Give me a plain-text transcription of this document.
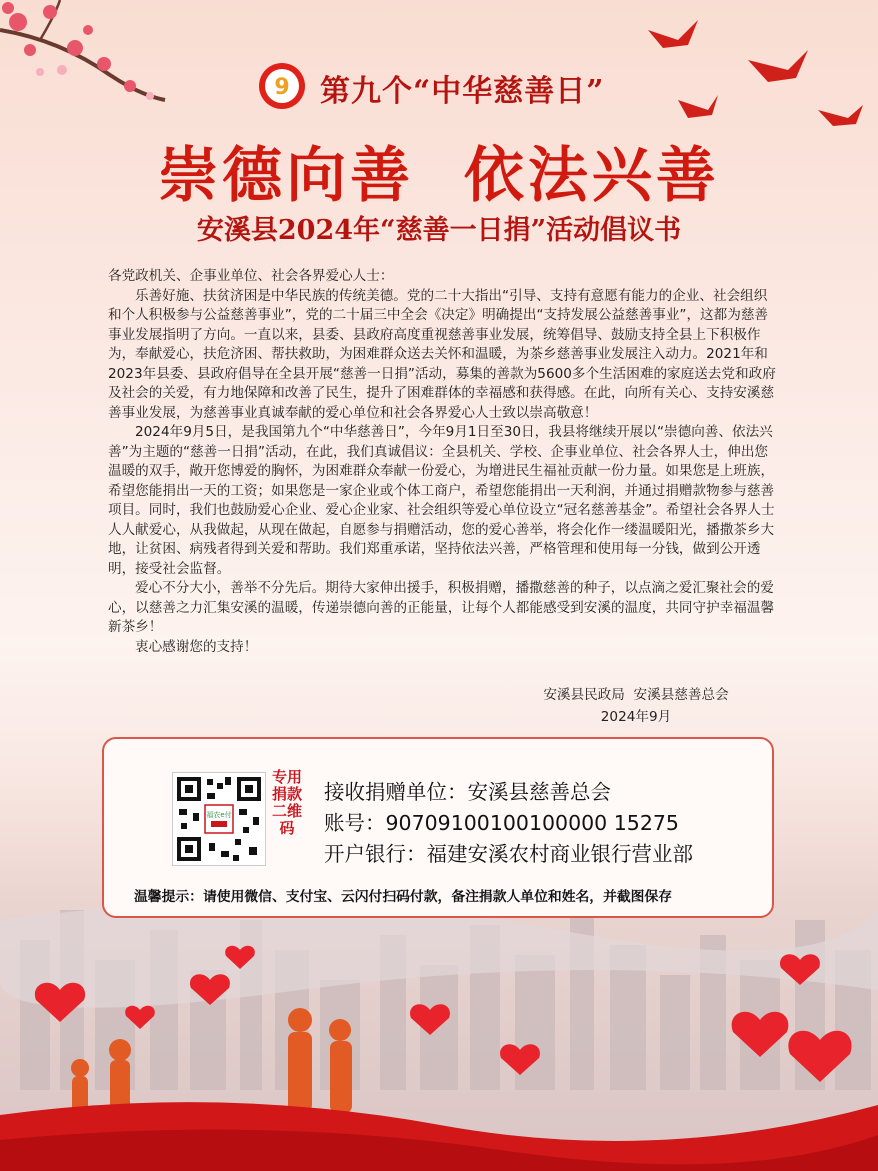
9 第九个“中华慈善日”
崇德向善  依法兴善
安溪县2024年“慈善一日捐”活动倡议书

各党政机关、企事业单位、社会各界爱心人士：

乐善好施、扶贫济困是中华民族的传统美德。党的二十大指出“引导、支持有意愿有能力的企业、社会组织和个人积极参与公益慈善事业”，党的二十届三中全会《决定》明确提出“支持发展公益慈善事业”，这都为慈善事业发展指明了方向。一直以来，县委、县政府高度重视慈善事业发展，统筹倡导、鼓励支持全县上下积极作为，奉献爱心，扶危济困、帮扶救助，为困难群众送去关怀和温暖，为茶乡慈善事业发展注入动力。2021年和2023年县委、县政府倡导在全县开展“慈善一日捐”活动，募集的善款为5600多个生活困难的家庭送去党和政府及社会的关爱，有力地保障和改善了民生，提升了困难群体的幸福感和获得感。在此，向所有关心、支持安溪慈善事业发展，为慈善事业真诚奉献的爱心单位和社会各界爱心人士致以崇高敬意！

2024年9月5日，是我国第九个“中华慈善日”，今年9月1日至30日，我县将继续开展以“崇德向善、依法兴善”为主题的“慈善一日捐”活动，在此，我们真诚倡议：全县机关、学校、企事业单位、社会各界人士，伸出您温暖的双手，敞开您博爱的胸怀，为困难群众奉献一份爱心，为增进民生福祉贡献一份力量。如果您是上班族，希望您能捐出一天的工资；如果您是一家企业或个体工商户，希望您能捐出一天利润，并通过捐赠款物参与慈善项目。同时，我们也鼓励爱心企业、爱心企业家、社会组织等爱心单位设立“冠名慈善基金”。希望社会各界人士人人献爱心，从我做起，从现在做起，自愿参与捐赠活动，您的爱心善举，将会化作一缕温暖阳光，播撒茶乡大地，让贫困、病残者得到关爱和帮助。我们郑重承诺，坚持依法兴善，严格管理和使用每一分钱，做到公开透明，接受社会监督。

爱心不分大小，善举不分先后。期待大家伸出援手，积极捐赠，播撒慈善的种子，以点滴之爱汇聚社会的爱心，以慈善之力汇集安溪的温暖，传递崇德向善的正能量，让每个人都能感受到安溪的温度，共同守护幸福温馨新茶乡！

衷心感谢您的支持！

安溪县民政局  安溪县慈善总会
2024年9月
福农e付
专用捐款二维码
接收捐赠单位：安溪县慈善总会
账号：90709100100100000 15275
开户银行：福建安溪农村商业银行营业部
温馨提示：请使用微信、支付宝、云闪付扫码付款，备注捐款人单位和姓名，并截图保存
